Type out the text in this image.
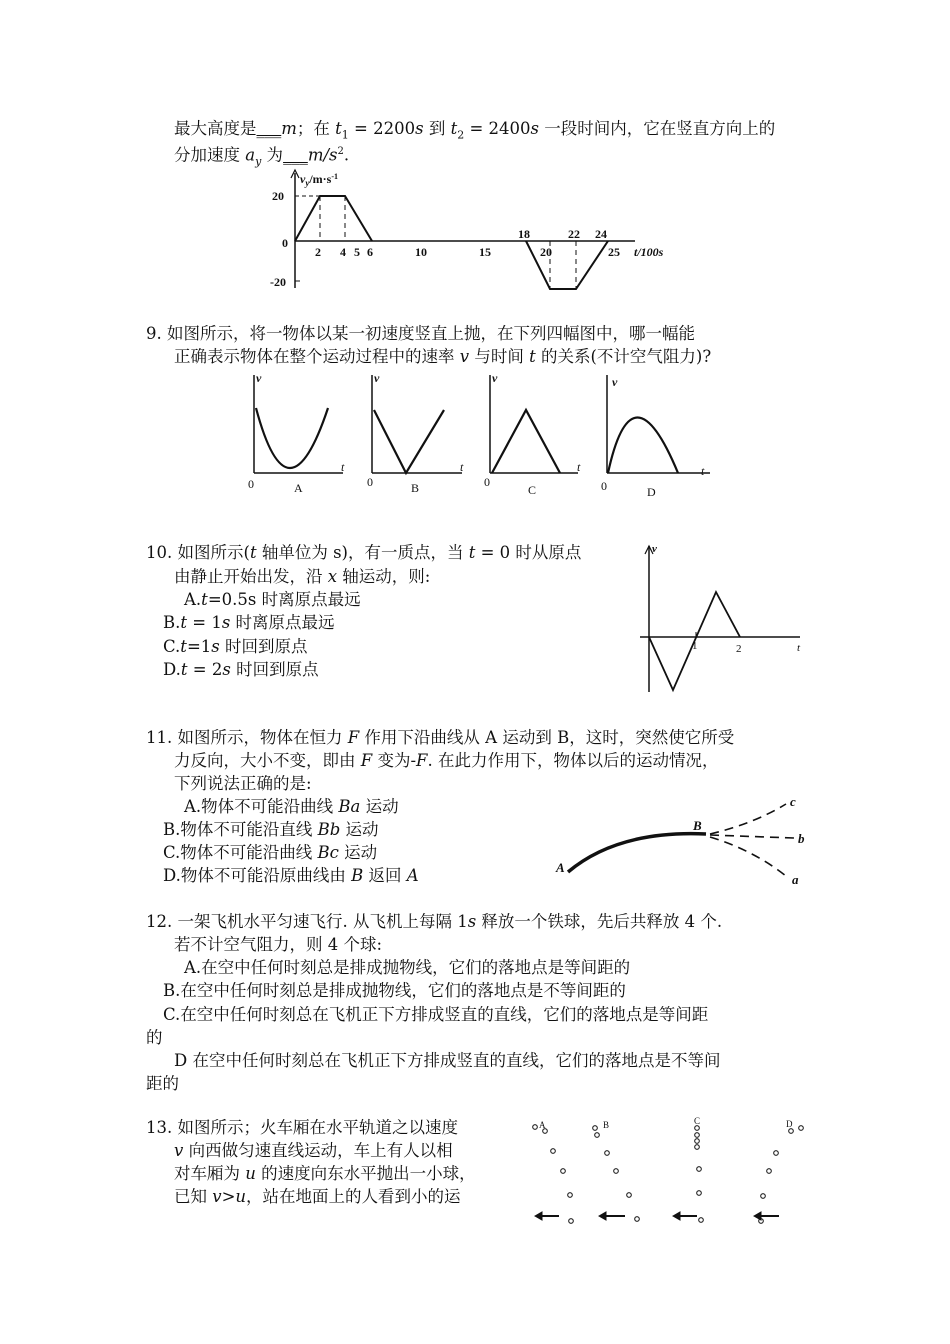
最大高度是___m；在 $t_1 = 2200s$ 到 $t_2 = 2400s$ 一段时间内，它在竖直方向上的
分加速度 $a_y$ 为$\_\_\_m/s^2$.
$v_y/m\cdot s^{-1}$
20
0
-20
2 4 5 6	10	15
18
20
22 24
25 t/100s
9. 如图所示，将一物体以某一初速度竖直上抛，在下列四幅图中，哪一幅能
正确表示物体在整个运动过程中的速率 v 与时间 t 的关系(不计空气阻力)?
v
t
0	A
v
t
0	B
v
t
0
C
v
t
0	D
10. 如图所示(t 轴单位为 s)，有一质点，当 t = 0 时从原点
由静止开始出发，沿 x 轴运动，则:
A.t=0.5s 时离原点最远
B.t = 1s 时离原点最远
C.t=1s 时回到原点
D.t = 2s 时回到原点
v
t
1	2
11. 如图所示，物体在恒力 F 作用下沿曲线从 A 运动到 B，这时，突然使它所受
力反向，大小不变，即由 F 变为-F. 在此力作用下，物体以后的运动情况，
下列说法正确的是:
A.物体不可能沿曲线 Ba 运动
B.物体不可能沿直线 Bb 运动
C.物体不可能沿曲线 Bc 运动
D.物体不可能沿原曲线由 B 返回 A	A
B
c
b
a
12. 一架飞机水平匀速飞行. 从飞机上每隔 1s 释放一个铁球，先后共释放 4 个.
若不计空气阻力，则 4 个球:
A.在空中任何时刻总是排成抛物线，它们的落地点是等间距的
B.在空中任何时刻总是排成抛物线，它们的落地点是不等间距的
C.在空中任何时刻总在飞机正下方排成竖直的直线，它们的落地点是等间距
的
D 在空中任何时刻总在飞机正下方排成竖直的直线，它们的落地点是不等间
距的
13. 如图所示；火车厢在水平轨道之以速度
v 向西做匀速直线运动，车上有人以相
对车厢为 u 的速度向东水平抛出一小球，
已知 v>u，站在地面上的人看到小的运
A	B	C	D
